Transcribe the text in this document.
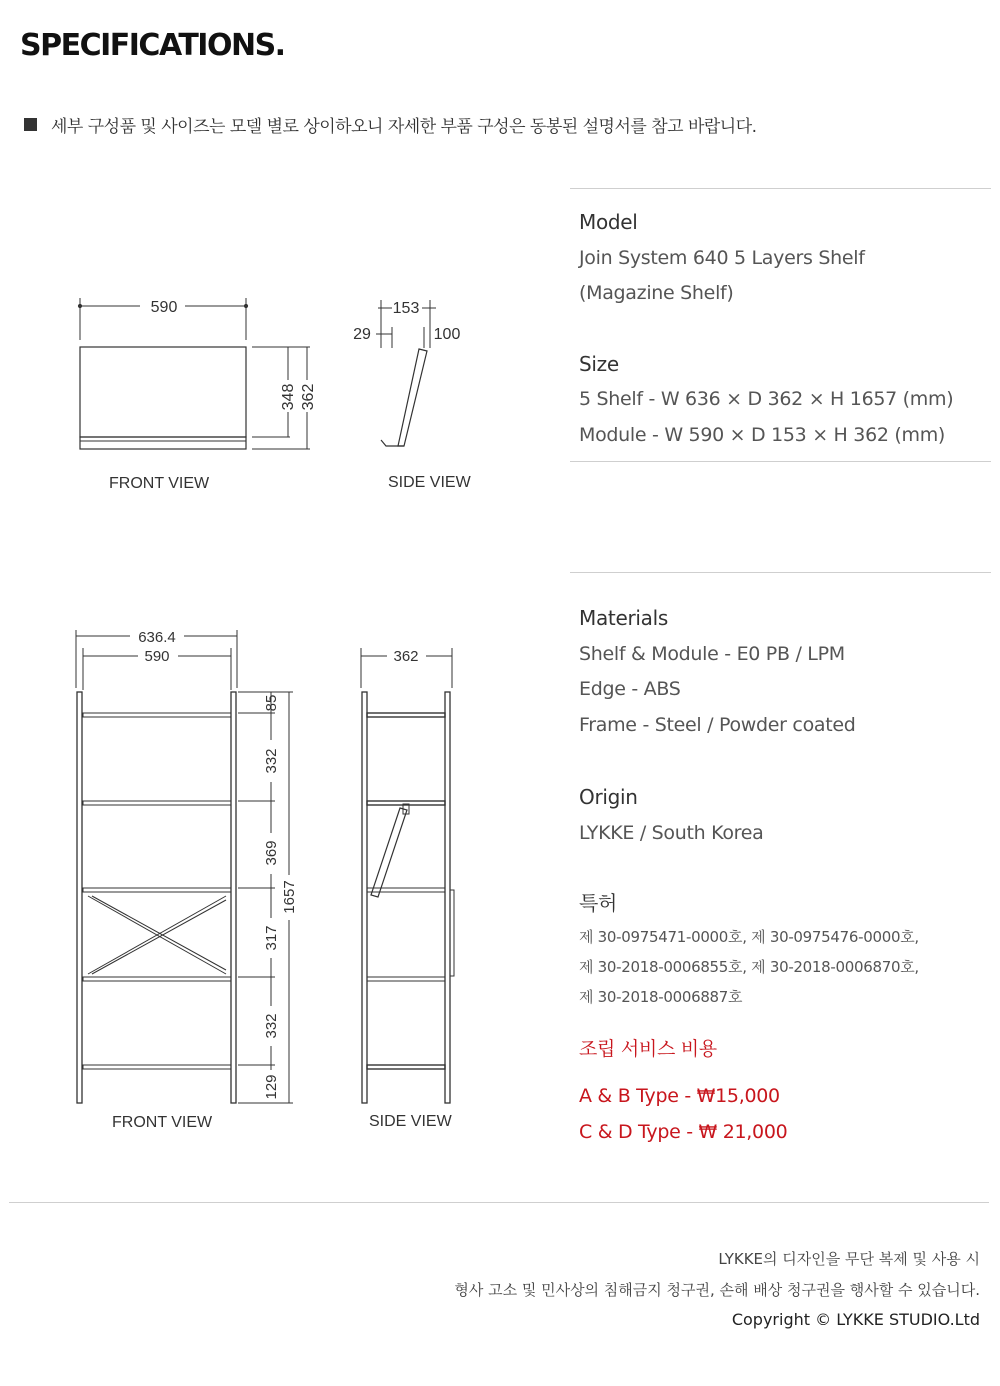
SPECIFICATIONS.
세부 구성품 및 사이즈는 모델 별로 상이하오니 자세한 부품 구성은 동봉된 설명서를 참고 바랍니다.
Model
Join System 640 5 Layers Shelf
(Magazine Shelf)
Size
5 Shelf - W 636 × D 362 × H 1657 (mm)
Module - W 590 × D 153 × H 362 (mm)
Materials
Shelf & Module - E0 PB / LPM
Edge - ABS
Frame - Steel / Powder coated
Origin
LYKKE / South Korea
특허
제 30-0975471-0000호, 제 30-0975476-0000호,
제 30-2018-0006855호, 제 30-2018-0006870호,
제 30-2018-0006887호
조립 서비스 비용
A & B Type - ₩15,000
C & D Type - ₩ 21,000
590
348 362
153
29	100
FRONT VIEW	SIDE VIEW
636.4
590	362
85
332
369
317
332
129
1657
FRONT VIEW	SIDE VIEW
LYKKE의 디자인을 무단 복제 및 사용 시
형사 고소 및 민사상의 침해금지 청구권, 손해 배상 청구권을 행사할 수 있습니다.
Copyright © LYKKE STUDIO.Ltd
